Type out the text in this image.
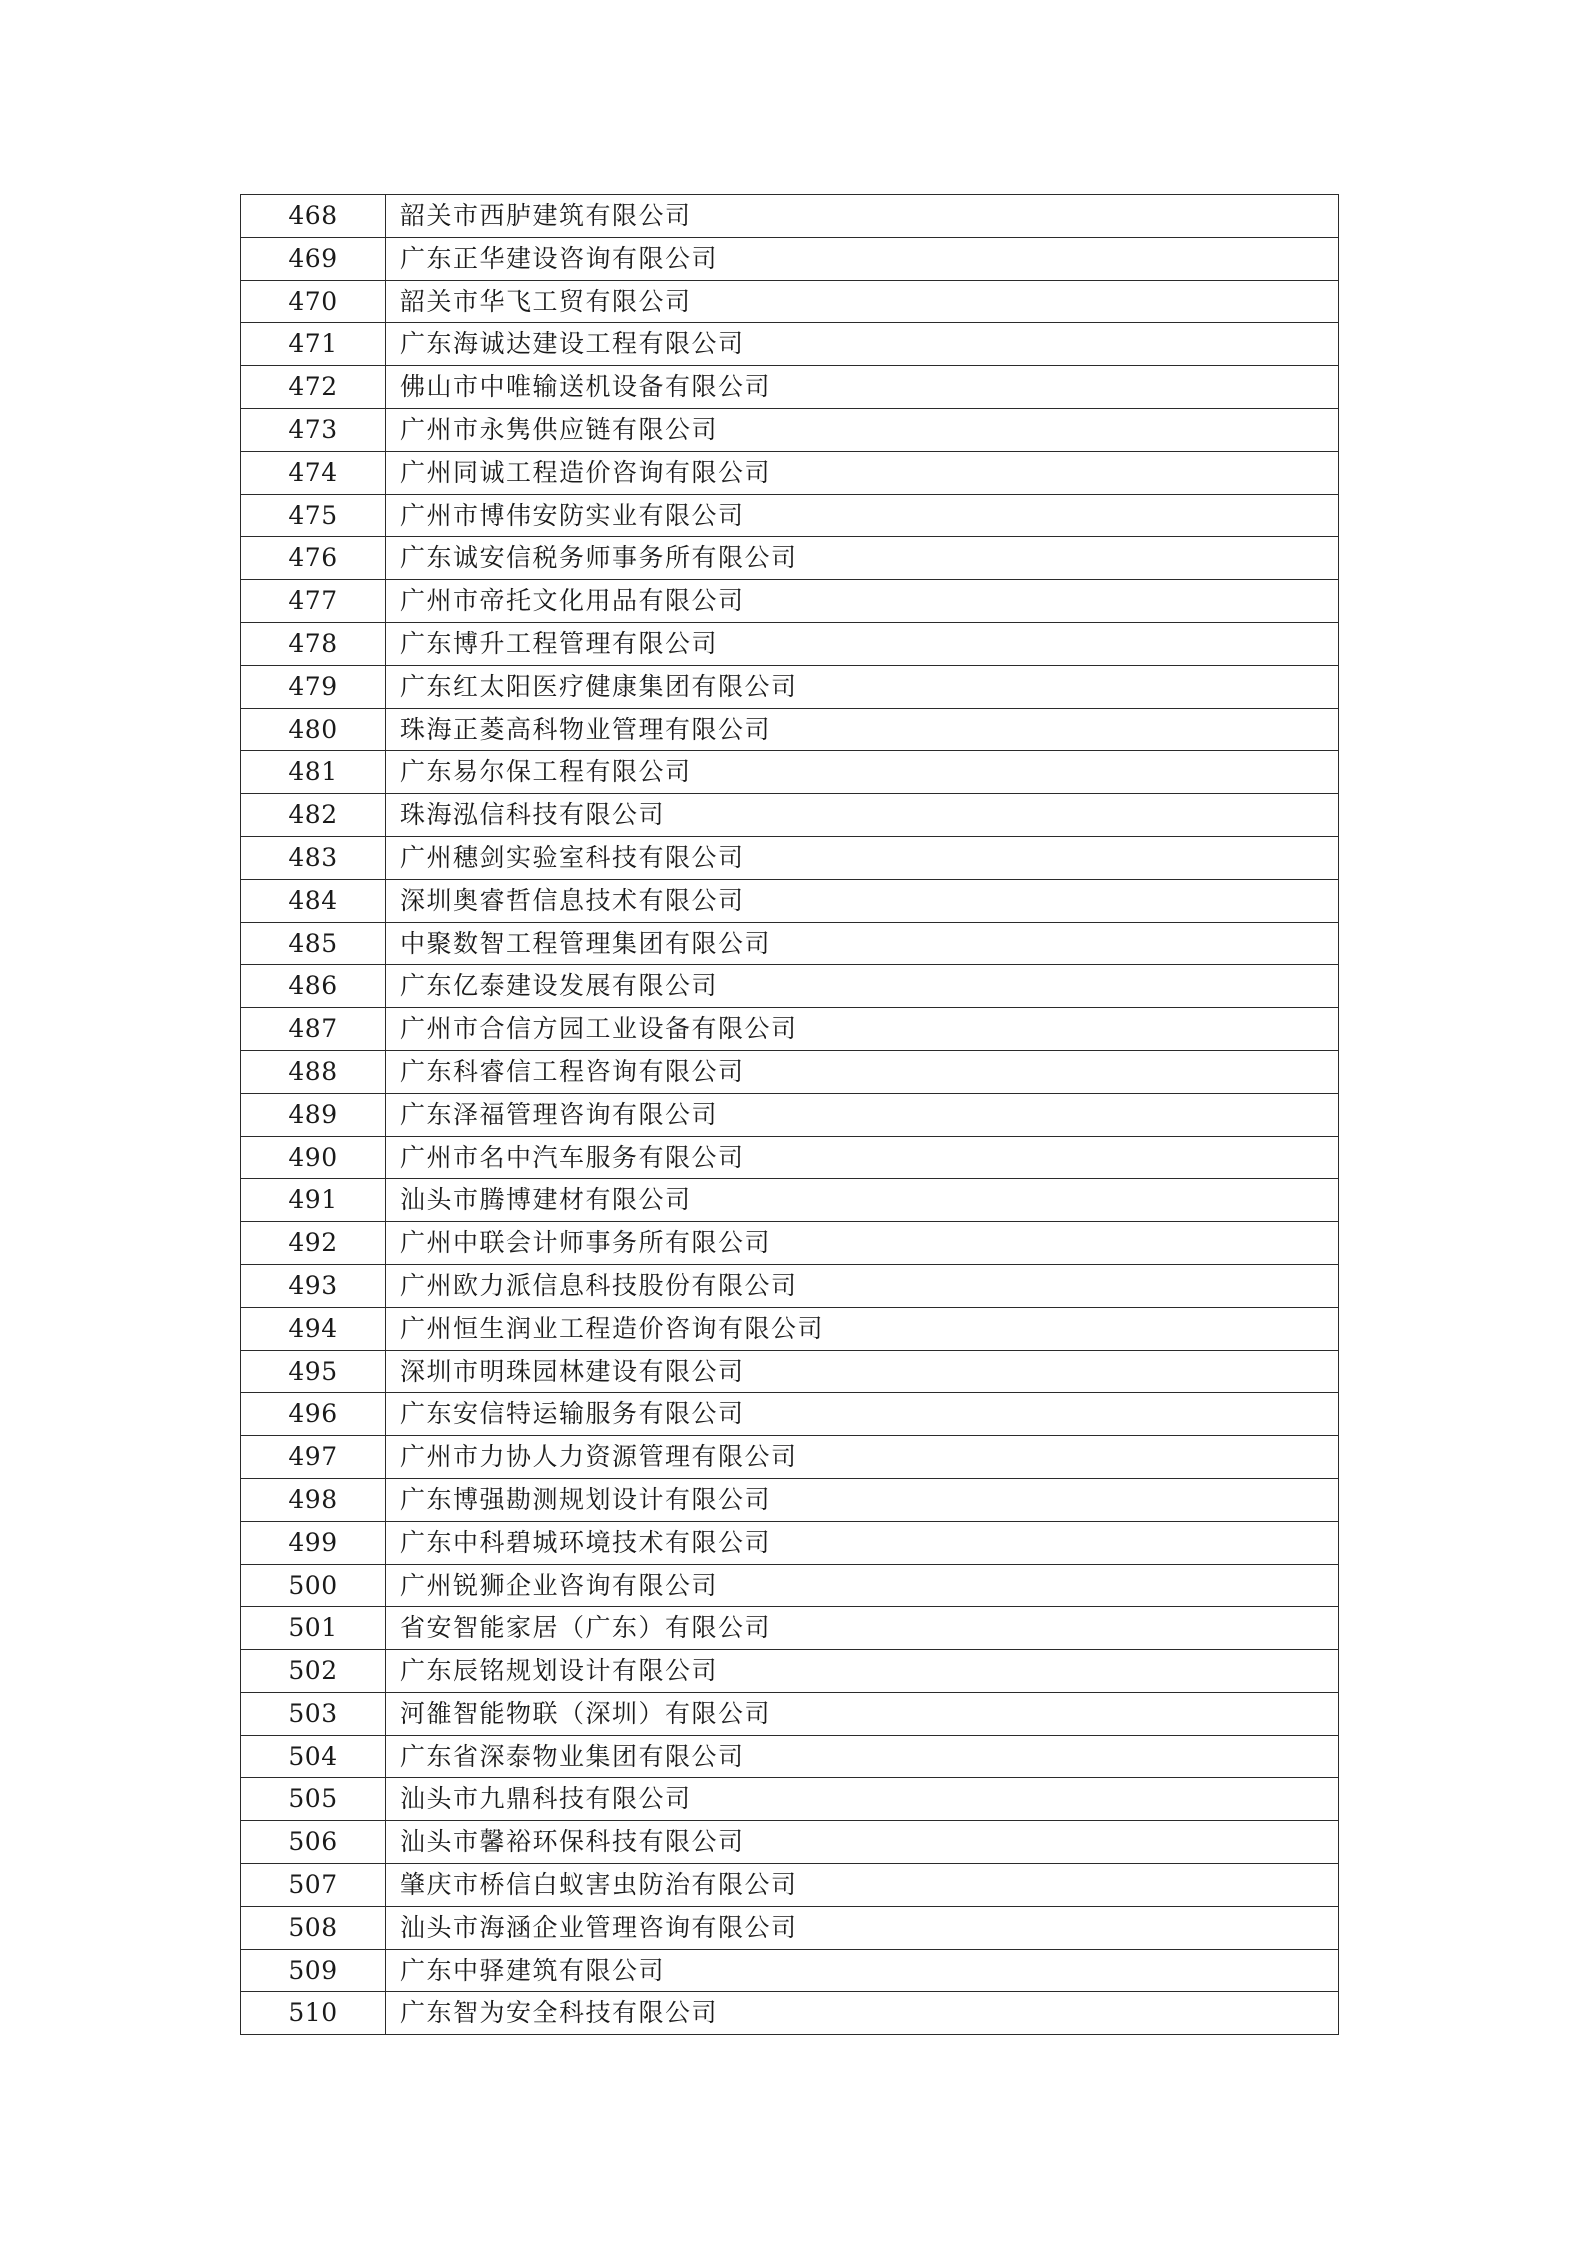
468	韶关市西胪建筑有限公司
469	广东正华建设咨询有限公司
470	韶关市华飞工贸有限公司
471	广东海诚达建设工程有限公司
472	佛山市中唯输送机设备有限公司
473	广州市永隽供应链有限公司
474	广州同诚工程造价咨询有限公司
475	广州市博伟安防实业有限公司
476	广东诚安信税务师事务所有限公司
477	广州市帝托文化用品有限公司
478	广东博升工程管理有限公司
479	广东红太阳医疗健康集团有限公司
480	珠海正菱高科物业管理有限公司
481	广东易尔保工程有限公司
482	珠海泓信科技有限公司
483	广州穗剑实验室科技有限公司
484	深圳奥睿哲信息技术有限公司
485	中聚数智工程管理集团有限公司
486	广东亿泰建设发展有限公司
487	广州市合信方园工业设备有限公司
488	广东科睿信工程咨询有限公司
489	广东泽福管理咨询有限公司
490	广州市名中汽车服务有限公司
491	汕头市腾博建材有限公司
492	广州中联会计师事务所有限公司
493	广州欧力派信息科技股份有限公司
494	广州恒生润业工程造价咨询有限公司
495	深圳市明珠园林建设有限公司
496	广东安信特运输服务有限公司
497	广州市力协人力资源管理有限公司
498	广东博强勘测规划设计有限公司
499	广东中科碧城环境技术有限公司
500	广州锐狮企业咨询有限公司
501	省安智能家居（广东）有限公司
502	广东辰铭规划设计有限公司
503	河雒智能物联（深圳）有限公司
504	广东省深泰物业集团有限公司
505	汕头市九鼎科技有限公司
506	汕头市馨裕环保科技有限公司
507	肇庆市桥信白蚁害虫防治有限公司
508	汕头市海涵企业管理咨询有限公司
509	广东中驿建筑有限公司
510	广东智为安全科技有限公司
